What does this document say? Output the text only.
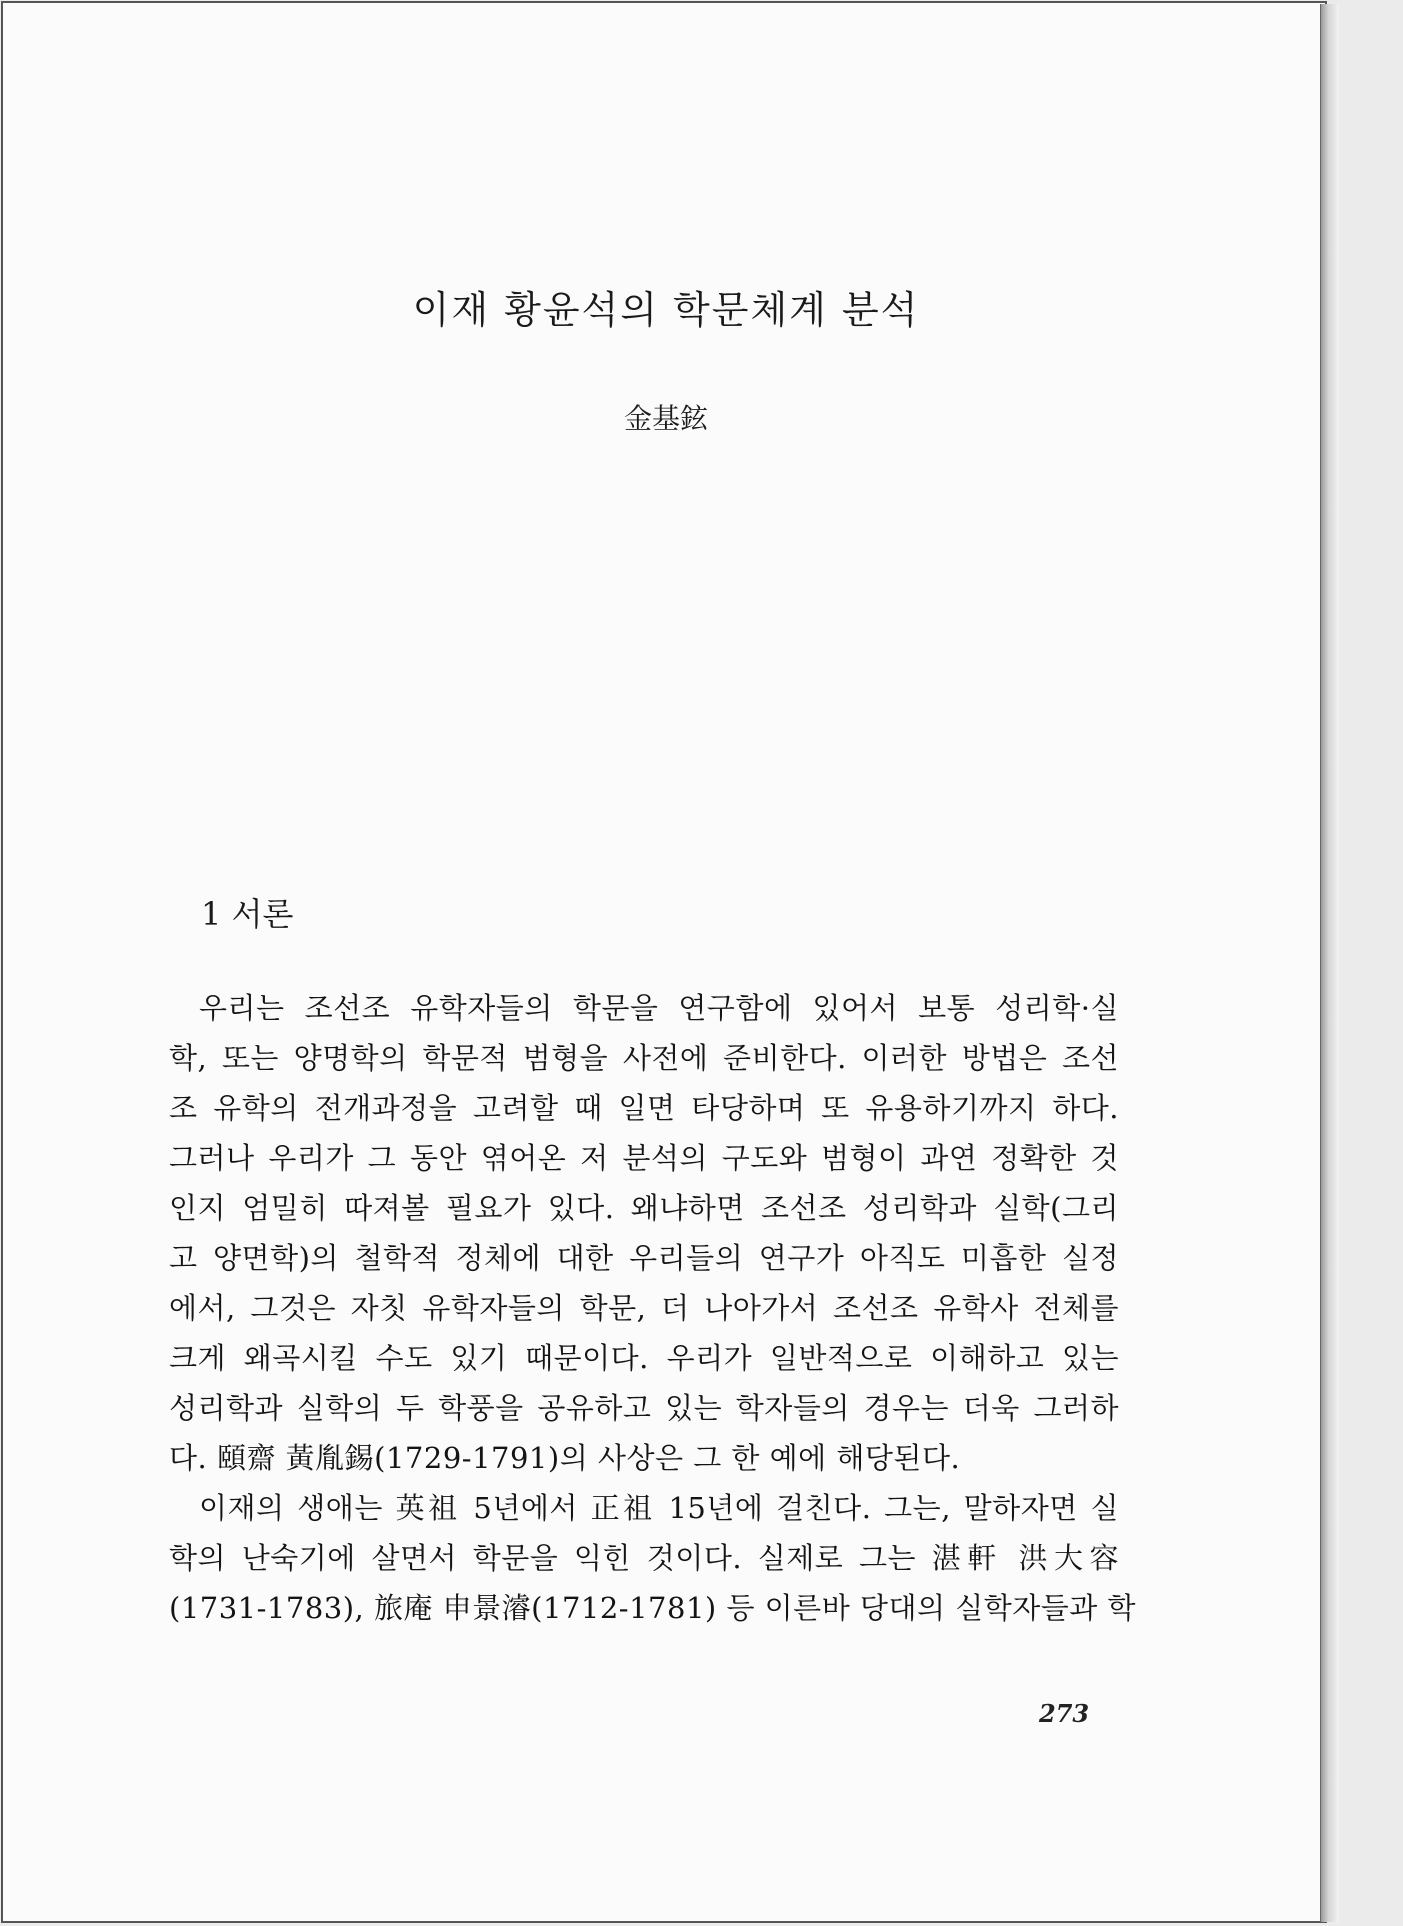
이재 황윤석의 학문체계 분석
金基鉉
1 서론
우리는 조선조 유학자들의 학문을 연구함에 있어서 보통 성리학·실
학, 또는 양명학의 학문적 범형을 사전에 준비한다. 이러한 방법은 조선
조 유학의 전개과정을 고려할 때 일면 타당하며 또 유용하기까지 하다.
그러나 우리가 그 동안 엮어온 저 분석의 구도와 범형이 과연 정확한 것
인지 엄밀히 따져볼 필요가 있다. 왜냐하면 조선조 성리학과 실학(그리
고 양면학)의 철학적 정체에 대한 우리들의 연구가 아직도 미흡한 실정
에서, 그것은 자칫 유학자들의 학문, 더 나아가서 조선조 유학사 전체를
크게 왜곡시킬 수도 있기 때문이다. 우리가 일반적으로 이해하고 있는
성리학과 실학의 두 학풍을 공유하고 있는 학자들의 경우는 더욱 그러하
다. 頤齋 黃胤錫(1729-1791)의 사상은 그 한 예에 해당된다.
이재의 생애는 英祖 5년에서 正祖 15년에 걸친다. 그는, 말하자면 실
학의 난숙기에 살면서 학문을 익힌 것이다. 실제로 그는 湛軒 洪大容
(1731-1783), 旅庵 申景濬(1712-1781) 등 이른바 당대의 실학자들과 학
273
